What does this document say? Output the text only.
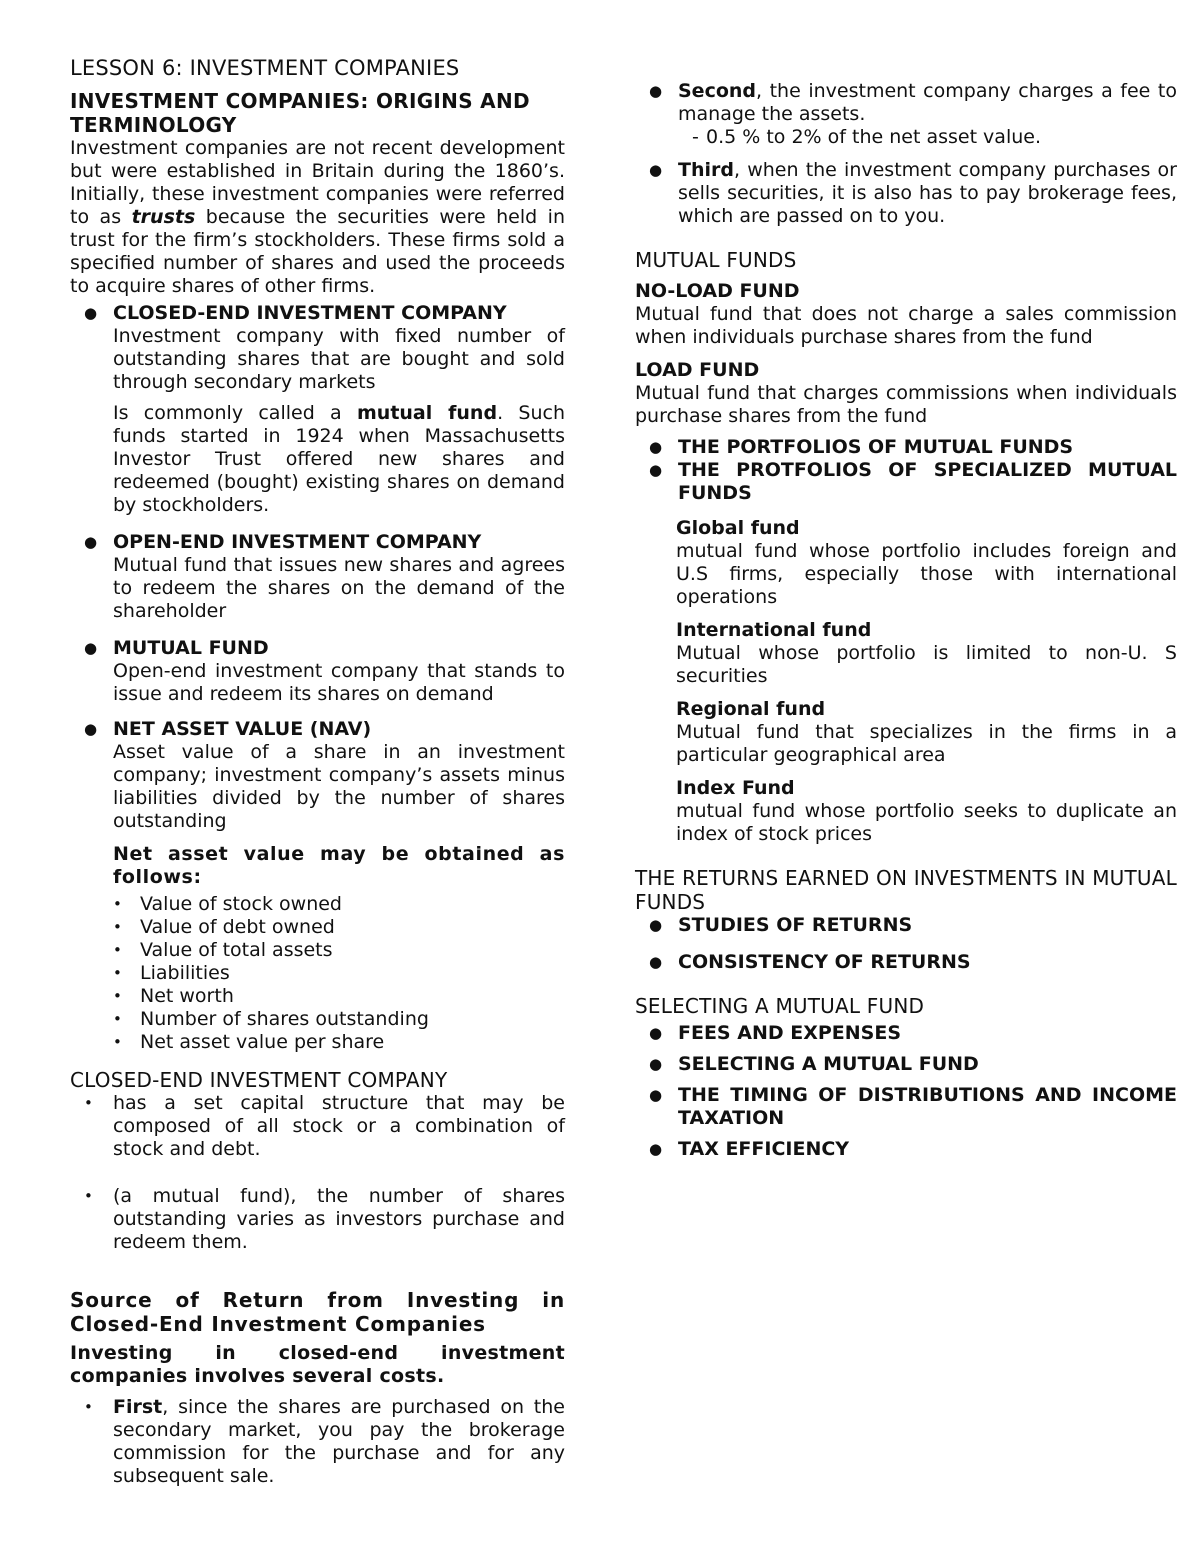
LESSON 6: INVESTMENT COMPANIES
INVESTMENT COMPANIES: ORIGINS AND TERMINOLOGY

Investment companies are not recent development but were established in Britain during the 1860’s. Initially, these investment companies were referred to as trusts because the securities were held in trust for the firm’s stockholders. These firms sold a specified number of shares and used the proceeds to acquire shares of other firms.

● CLOSED-END INVESTMENT COMPANY

Investment company with fixed number of outstanding shares that are bought and sold through secondary markets

Is commonly called a mutual fund. Such funds started in 1924 when Massachusetts Investor Trust offered new shares and redeemed (bought) existing shares on demand by stockholders.

● OPEN-END INVESTMENT COMPANY

Mutual fund that issues new shares and agrees to redeem the shares on the demand of the shareholder

● MUTUAL FUND

Open-end investment company that stands to issue and redeem its shares on demand

● NET ASSET VALUE (NAV)

Asset value of a share in an investment company; investment company’s assets minus liabilities divided by the number of shares outstanding

Net asset value may be obtained as follows:

• Value of stock owned
• Value of debt owned
• Value of total assets
• Liabilities
• Net worth
• Number of shares outstanding
• Net asset value per share
CLOSED-END INVESTMENT COMPANY
• has a set capital structure that may be composed of all stock or a combination of stock and debt.

• (a mutual fund), the number of shares outstanding varies as investors purchase and redeem them.

Source of Return from Investing in Closed-End Investment Companies

Investing in closed-end investment companies involves several costs.

• First, since the shares are purchased on the secondary market, you pay the brokerage commission for the purchase and for any subsequent sale.

● Second, the investment company charges a fee to manage the assets.

- 0.5 % to 2% of the net asset value.
● Third, when the investment company purchases or sells securities, it is also has to pay brokerage fees, which are passed on to you.

MUTUAL FUNDS
NO-LOAD FUND

Mutual fund that does not charge a sales commission when individuals purchase shares from the fund

LOAD FUND

Mutual fund that charges commissions when individuals purchase shares from the fund

● THE PORTFOLIOS OF MUTUAL FUNDS

● THE PROTFOLIOS OF SPECIALIZED MUTUAL FUNDS

Global fund

mutual fund whose portfolio includes foreign and U.S firms, especially those with international operations

International fund

Mutual whose portfolio is limited to non-U. S securities

Regional fund

Mutual fund that specializes in the firms in a particular geographical area

Index Fund

mutual fund whose portfolio seeks to duplicate an index of stock prices

THE RETURNS EARNED ON INVESTMENTS IN MUTUAL FUNDS
● STUDIES OF RETURNS

● CONSISTENCY OF RETURNS

SELECTING A MUTUAL FUND
● FEES AND EXPENSES

● SELECTING A MUTUAL FUND

● THE TIMING OF DISTRIBUTIONS AND INCOME TAXATION

● TAX EFFICIENCY
